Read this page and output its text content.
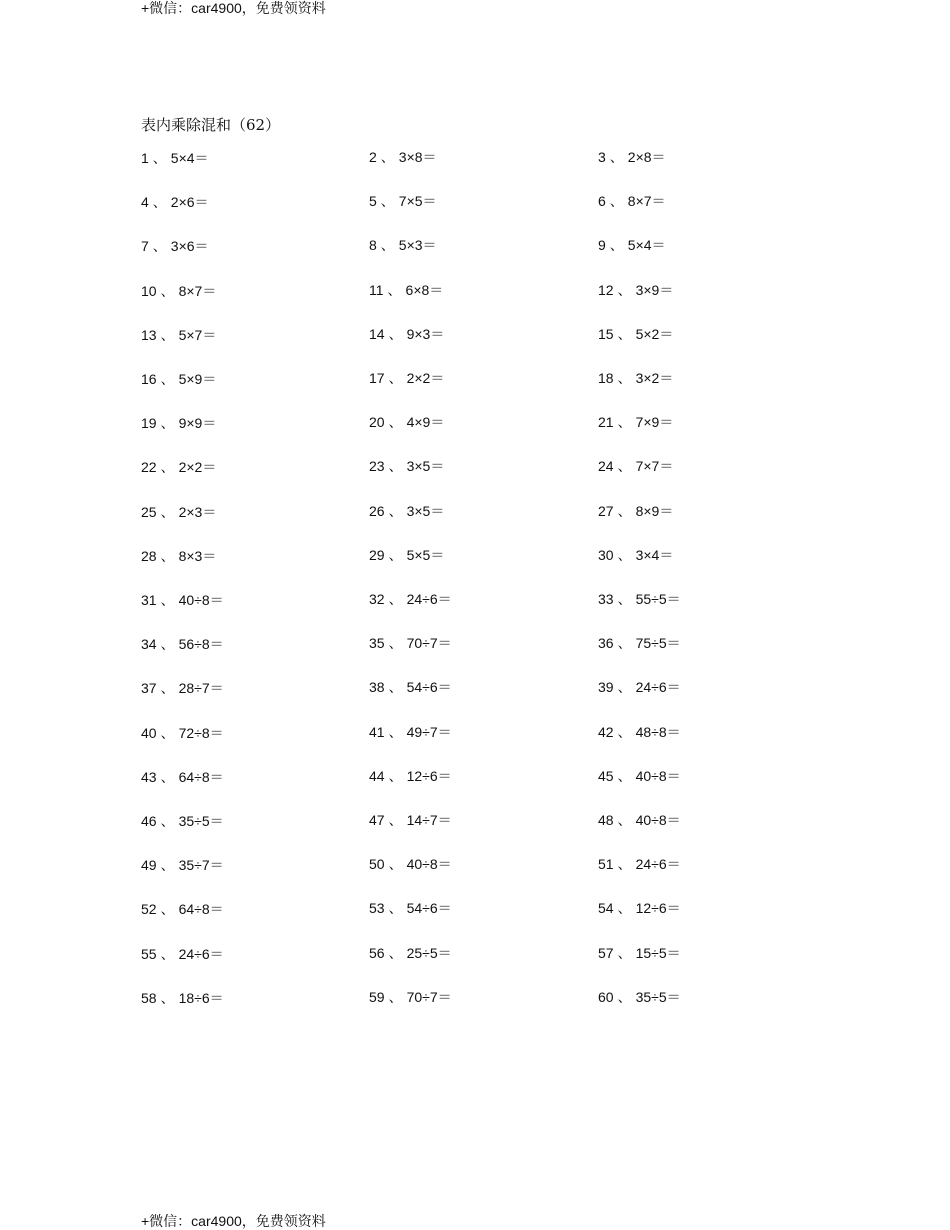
+微信：car4900，免费领资料
表内乘除混和（62）
1 、 5×4＝	2 、 3×8＝	3 、 2×8＝
4 、 2×6＝	5 、 7×5＝	6 、 8×7＝
7 、 3×6＝	8 、 5×3＝	9 、 5×4＝
10 、 8×7＝	11 、 6×8＝	12 、 3×9＝
13 、 5×7＝	14 、 9×3＝	15 、 5×2＝
16 、 5×9＝	17 、 2×2＝	18 、 3×2＝
19 、 9×9＝	20 、 4×9＝	21 、 7×9＝
22 、 2×2＝	23 、 3×5＝	24 、 7×7＝
25 、 2×3＝	26 、 3×5＝	27 、 8×9＝
28 、 8×3＝	29 、 5×5＝	30 、 3×4＝
31 、 40÷8＝	32 、 24÷6＝	33 、 55÷5＝
34 、 56÷8＝	35 、 70÷7＝	36 、 75÷5＝
37 、 28÷7＝	38 、 54÷6＝	39 、 24÷6＝
40 、 72÷8＝	41 、 49÷7＝	42 、 48÷8＝
43 、 64÷8＝	44 、 12÷6＝	45 、 40÷8＝
46 、 35÷5＝	47 、 14÷7＝	48 、 40÷8＝
49 、 35÷7＝	50 、 40÷8＝	51 、 24÷6＝
52 、 64÷8＝	53 、 54÷6＝	54 、 12÷6＝
55 、 24÷6＝	56 、 25÷5＝	57 、 15÷5＝
58 、 18÷6＝	59 、 70÷7＝	60 、 35÷5＝
+微信：car4900，免费领资料
